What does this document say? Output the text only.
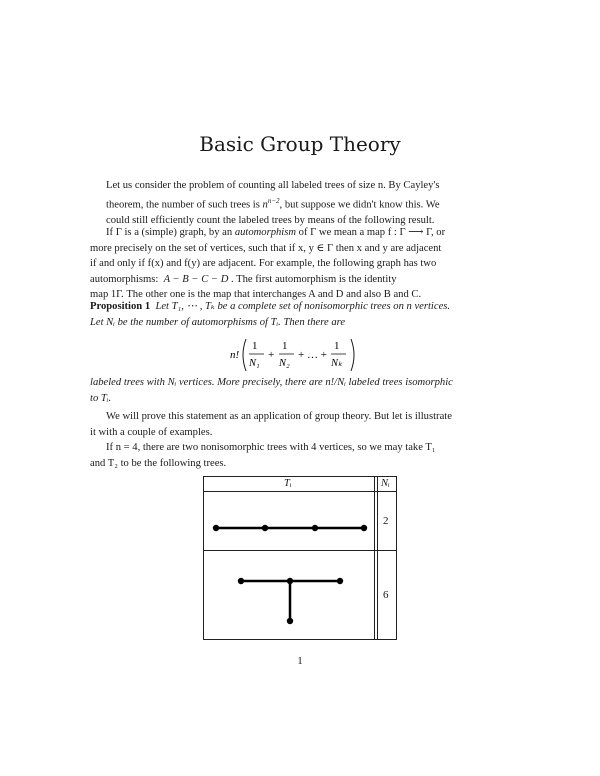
Basic Group Theory
Let us consider the problem of counting all labeled trees of size n. By Cayley's
theorem, the number of such trees is $n^{n-2}$, but suppose we didn't know this. We
could still efficiently count the labeled trees by means of the following result.
If Γ is a (simple) graph, by an automorphism of Γ we mean a map f : Γ ⟶ Γ, or
more precisely on the set of vertices, such that if x, y ∈ Γ then x and y are adjacent
if and only if f(x) and f(y) are adjacent. For example, the following graph has two
automorphisms: A − B − C − D . The first automorphism is the identity
map 1Γ. The other one is the map that interchanges A and D and also B and C.
Proposition 1 Let T₁, ⋯ , Tₖ be a complete set of nonisomorphic trees on n vertices.
Let Nᵢ be the number of automorphisms of Tᵢ. Then there are
n!
1
N₁
+
1
N₂
+ … +
1
Nₖ
labeled trees with Nᵢ vertices. More precisely, there are n!/Nᵢ labeled trees isomorphic
to Tᵢ.
We will prove this statement as an application of group theory. But let is illustrate
it with a couple of examples.
If n = 4, there are two nonisomorphic trees with 4 vertices, so we may take T₁
and T₂ to be the following trees.
Tᵢ	Nᵢ
2
6
1
